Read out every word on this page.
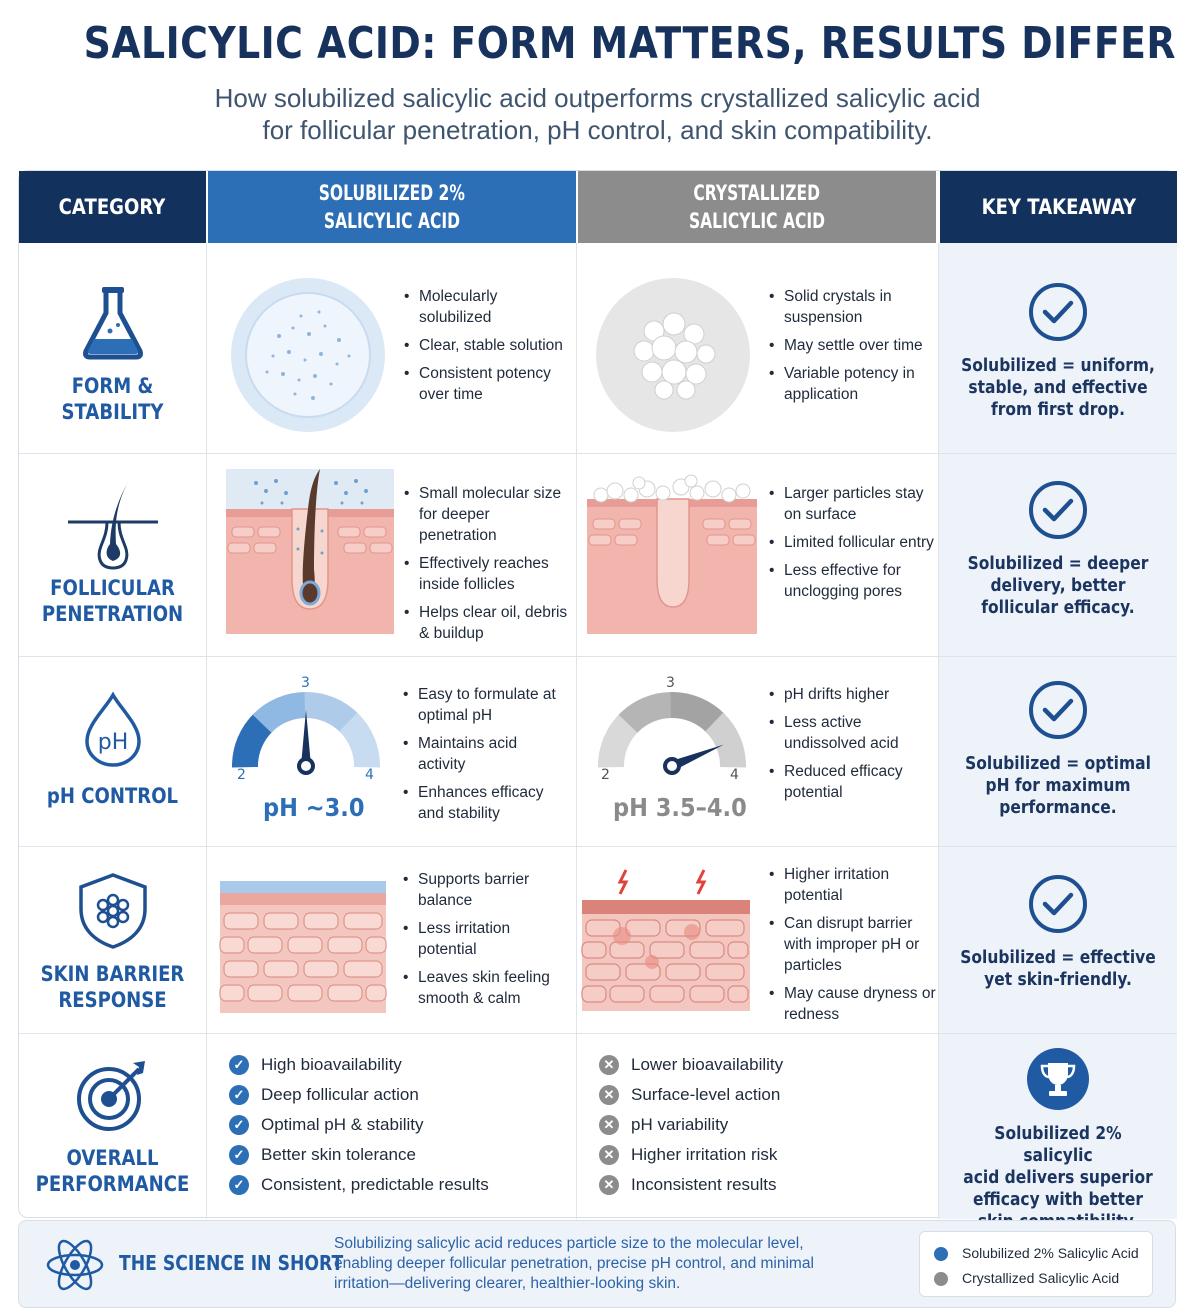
SALICYLIC ACID: FORM MATTERS, RESULTS DIFFER
How solubilized salicylic acid outperforms crystallized salicylic acid
for follicular penetration, pH control, and skin compatibility.
CATEGORY
SOLUBILIZED 2%
SALICYLIC ACID
CRYSTALLIZED
SALICYLIC ACID
KEY TAKEAWAY
FORM &
STABILITY
• Molecularly solubilized
• Clear, stable solution
• Consistent potency over time
• Solid crystals in suspension
• May settle over time
• Variable potency in application
Solubilized = uniform,
stable, and effective
from first drop.
FOLLICULAR
PENETRATION
• Small molecular size for deeper penetration
• Effectively reaches inside follicles
• Helps clear oil, debris & buildup
• Larger particles stay on surface
• Limited follicular entry
• Less effective for unclogging pores
Solubilized = deeper
delivery, better
follicular efficacy.
pH
pH CONTROL
2
3
4
pH ~3.0
• Easy to formulate at optimal pH
• Maintains acid activity
• Enhances efficacy and stability
2
3
4
pH 3.5–4.0
• pH drifts higher
• Less active undissolved acid
• Reduced efficacy potential
Solubilized = optimal
pH for maximum
performance.
SKIN BARRIER
RESPONSE
• Supports barrier balance
• Less irritation potential
• Leaves skin feeling smooth & calm
• Higher irritation potential
• Can disrupt barrier with improper pH or particles
• May cause dryness or redness
Solubilized = effective
yet skin-friendly.
OVERALL
PERFORMANCE
✓ High bioavailability
✓ Deep follicular action
✓ Optimal pH & stability
✓ Better skin tolerance
✓ Consistent, predictable results
✕ Lower bioavailability
✕ Surface-level action
✕ pH variability
✕ Higher irritation risk
✕ Inconsistent results
Solubilized 2% salicylic
acid delivers superior
efficacy with better
THE SCIENCE IN SHORT
Solubilizing salicylic acid reduces particle size to the molecular level, enabling deeper follicular penetration, precise pH control, and minimal irritation—delivering clearer, healthier-looking skin.
Solubilized 2% Salicylic Acid
Crystallized Salicylic Acid
